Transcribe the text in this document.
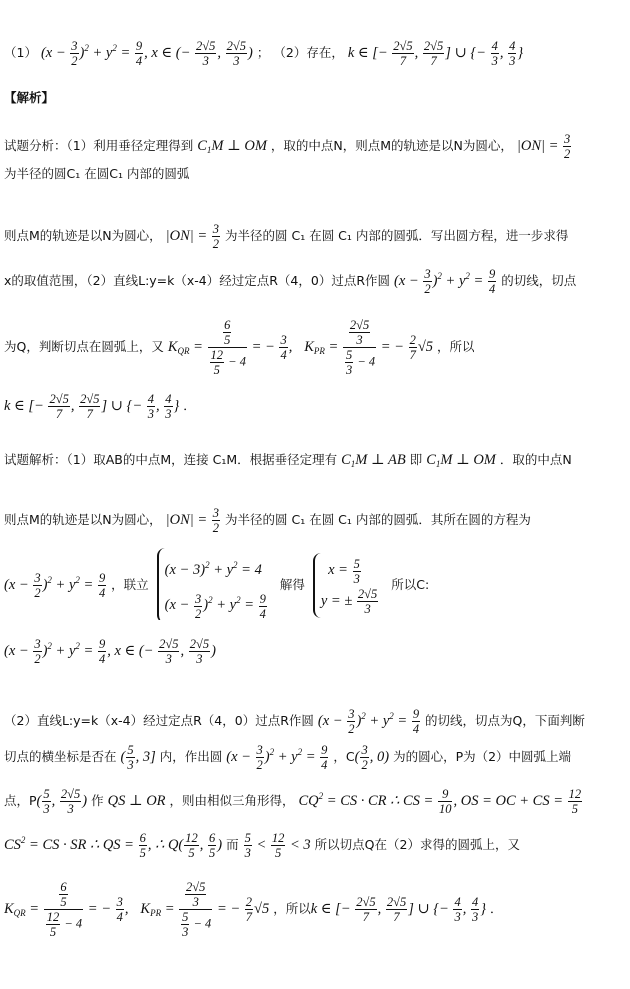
（1） $(x - \frac{3}{2} )^2 + y^2 = \frac{9}{4}$ , x ∈ (− $\frac{2√5}{3}$ , $\frac{2√5}{3}$ ) ； （2）存在， k ∈ [− $\frac{2√5}{7}$ , $\frac{2√5}{7}$ ] ∪ {− $\frac{4}{3}$ , $\frac{4}{3}$ }
【解析】
试题分析：（1）利用垂径定理得到 $C_1M$ ⊥ OM ，取的中点N，则点M的轨迹是以N为圆心， $|ON| = \frac{3}{2}$
为半径的圆C₁ 在圆C₁ 内部的圆弧
则点M的轨迹是以N为圆心， $|ON| = \frac{3}{2}$ 为半径的圆 C₁ 在圆 C₁ 内部的圆弧．写出圆方程，进一步求得
x的取值范围，（2）直线L:y=k（x-4）经过定点R（4，0）过点R作圆 $(x - \frac{3}{2} )^2 + y^2 = \frac{9}{4}$ 的切线，切点
为Q，判断切点在圆弧上，又 $K_{QR} = \frac{\frac{6}{5}}{\frac{12}{5} - 4}$ = − $\frac{3}{4}$ , $K_{PR} = \frac{\frac{2√5}{3}}{\frac{5}{3} - 4}$ = − $\frac{2}{7} √5$ ，所以
k ∈ [− $\frac{2√5}{7}$ , $\frac{2√5}{7}$ ] ∪ {− $\frac{4}{3}$ , $\frac{4}{3}$ } ．
试题解析：（1）取AB的中点M，连接 C₁M．根据垂径定理有 $C_1M$ ⊥ AB 即 $C_1M$ ⊥ OM ．取的中点N
则点M的轨迹是以N为圆心， $|ON| = \frac{3}{2}$ 为半径的圆 C₁ 在圆 C₁ 内部的圆弧．其所在圆的方程为
$(x - \frac{3}{2} )^2 + y^2 = \frac{9}{4}$ ，联立
$(x - 3)^2 + y^2 = 4$
$(x - \frac{3}{2} )^2 + y^2 = \frac{9}{4}$
解得
$x = \frac{5}{3}$
y = ± $\frac{2√5}{3}$
所以C:
$(x - \frac{3}{2} )^2 + y^2 = \frac{9}{4}$ , x ∈ (− $\frac{2√5}{3}$ , $\frac{2√5}{3}$ )
（2）直线L:y=k（x-4）经过定点R（4，0）过点R作圆 $(x - \frac{3}{2} )^2 + y^2 = \frac{9}{4}$ 的切线，切点为Q，下面判断
切点的横坐标是否在 ( $\frac{5}{3}$ , 3] 内，作出圆 $(x - \frac{3}{2} )^2 + y^2 = \frac{9}{4}$ ，$C( \frac{3}{2}$ , 0) 为的圆心，P为（2）中圆弧上端
点，$P( \frac{5}{3}$ , $\frac{2√5}{3}$ ) 作 QS ⊥ OR ，则由相似三角形得， $CQ^2$ = CS · CR ∴ CS = $\frac{9}{10}$ , OS = OC + CS = $\frac{12}{5}$
$CS^2$ = CS · SR ∴ QS = $\frac{6}{5}$ , ∴ $Q( \frac{12}{5}$ , $\frac{6}{5}$ ) 而 $\frac{5}{3} < \frac{12}{5} < 3$ 所以切点Q在（2）求得的圆弧上，又
$K_{QR} = \frac{\frac{6}{5}}{\frac{12}{5} - 4}$ = − $\frac{3}{4}$ , $K_{PR} = \frac{\frac{2√5}{3}}{\frac{5}{3} - 4}$ = − $\frac{2}{7} √5$ ，所以k ∈ [− $\frac{2√5}{7}$ , $\frac{2√5}{7}$ ] ∪ {− $\frac{4}{3}$ , $\frac{4}{3}$ } ．
